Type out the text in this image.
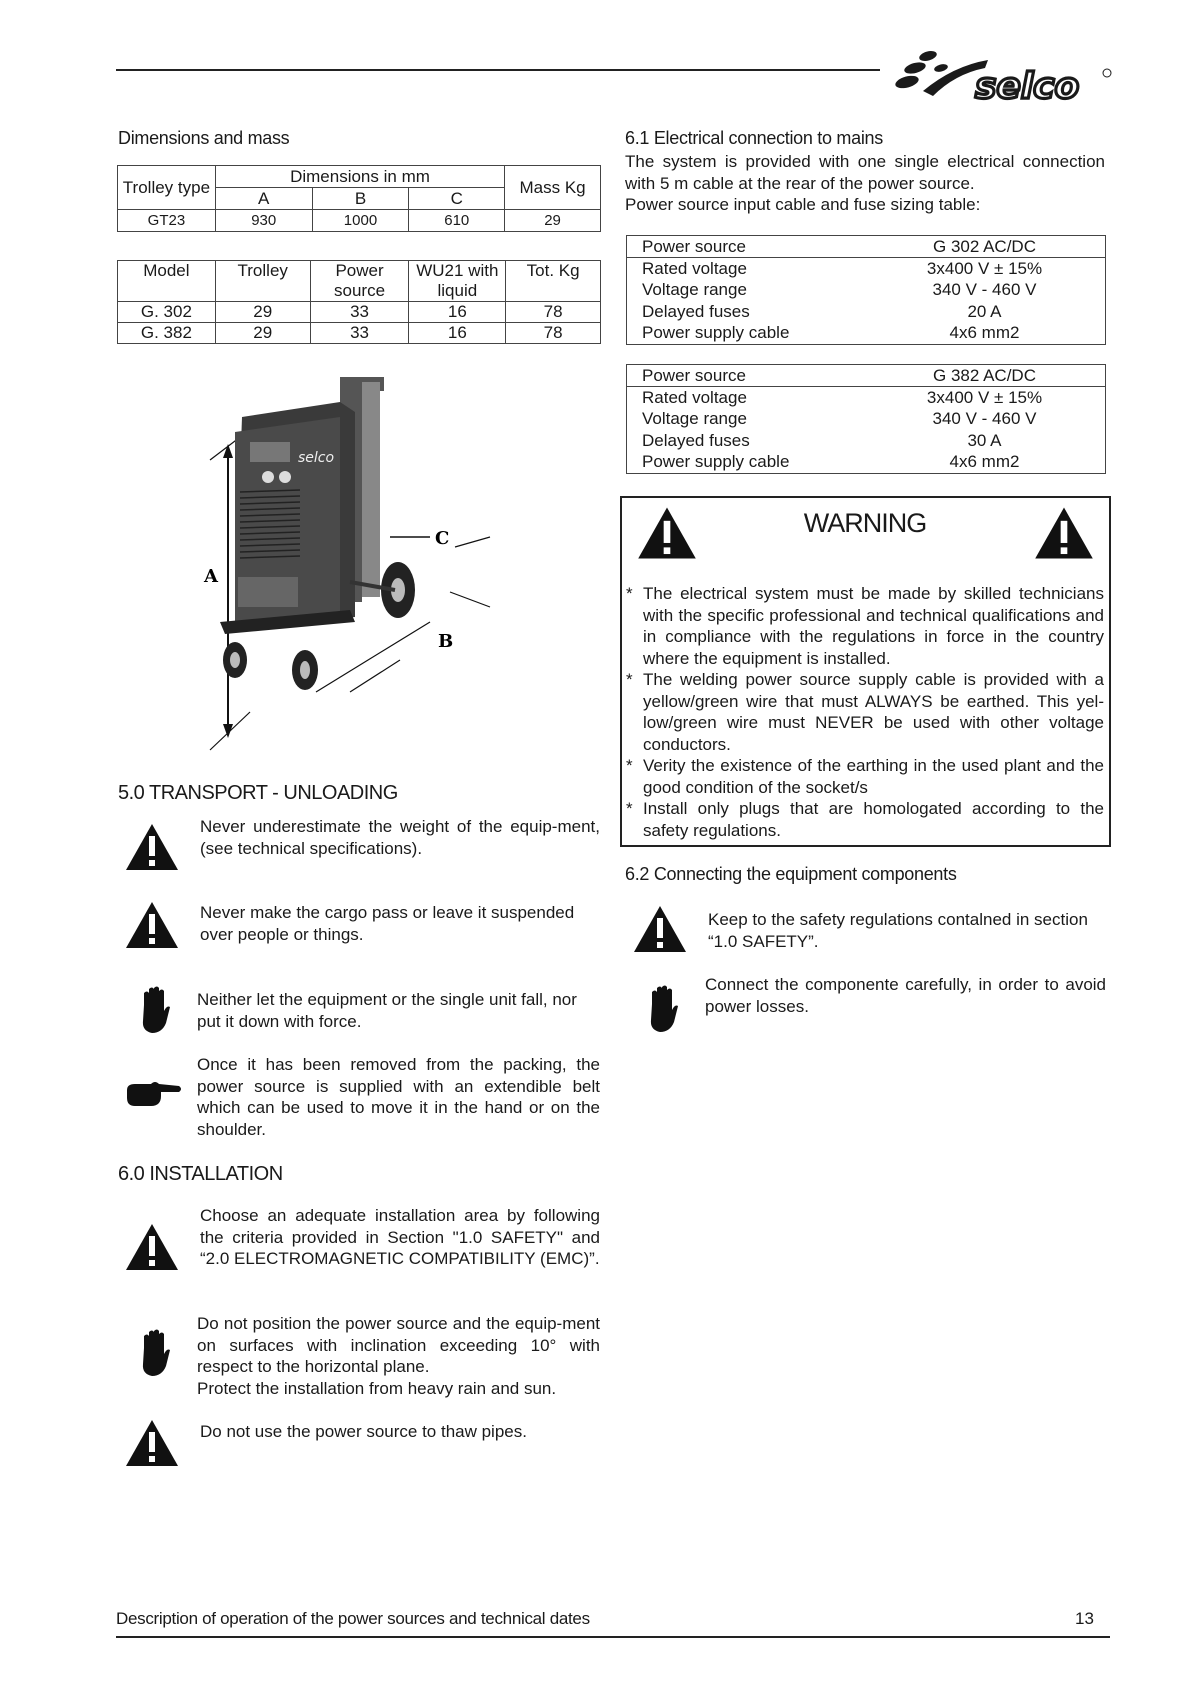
selco
Dimensions and mass
Trolley type	Dimensions in mm			Mass Kg
	A	B	C	
GT23	930	1000	610	29
Model	Trolley	Power source	WU21 with liquid	Tot. Kg
G. 302	29	33	16	78
G. 382	29	33	16	78
A
B
C
selco
5.0 TRANSPORT - UNLOADING
Never underestimate the weight of the equip-ment, (see technical specifications).
Never make the cargo pass or leave it suspended over people or things.
Neither let the equipment or the single unit fall, nor put it down with force.
Once it has been removed from the packing, the power source is supplied with an extendible belt which can be used to move it in the hand or on the shoulder.
6.0 INSTALLATION
Choose an adequate installation area by following the criteria provided in Section "1.0 SAFETY" and “2.0 ELECTROMAGNETIC COMPATIBILITY (EMC)”.
Do not position the power source and the equip-ment on surfaces with inclination exceeding 10° with respect to the horizontal plane.
Protect the installation from heavy rain and sun.
Do not use the power source to thaw pipes.
6.1 Electrical connection to mains
The system is provided with one single electrical connection with 5 m cable at the rear of the power source.
Power source input cable and fuse sizing table:
Power source	G 302 AC/DC
Rated voltage	3x400 V ± 15%
Voltage range	340 V - 460 V
Delayed fuses	20 A
Power supply cable	4x6 mm2
Power source	G 382 AC/DC
Rated voltage	3x400 V ± 15%
Voltage range	340 V - 460 V
Delayed fuses	30 A
Power supply cable	4x6 mm2
WARNING
* The electrical system must be made by skilled technicians with the specific professional and technical qualifications and in compliance with the regulations in force in the country where the equipment is installed.
* The welding power source supply cable is provided with a yellow/green wire that must ALWAYS be earthed. This yel-low/green wire must NEVER be used with other voltage conductors.
* Verity the existence of the earthing in the used plant and the good condition of the socket/s
* Install only plugs that are homologated according to the safety regulations.
6.2 Connecting the equipment components
Keep to the safety regulations contalned in section “1.0 SAFETY”.
Connect the componente carefully, in order to avoid power losses.
Description of operation of the power sources and technical dates	13
